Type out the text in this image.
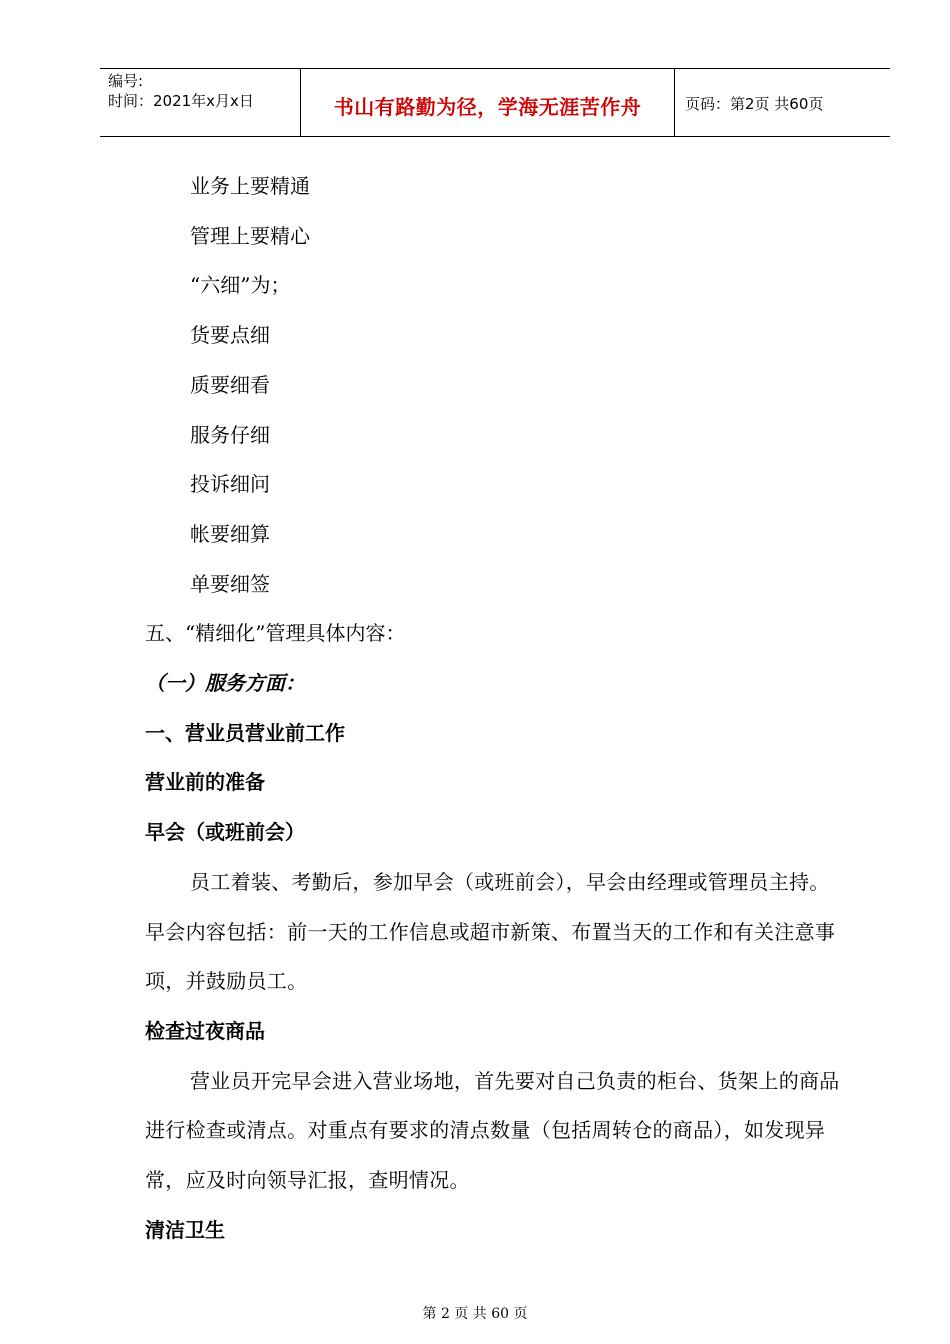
编号:
时间：2021年x月x日	书山有路勤为径，学海无涯苦作舟	页码：第2页 共60页
业务上要精通
管理上要精心
“六细”为；
货要点细
质要细看
服务仔细
投诉细问
帐要细算
单要细签
五、“精细化”管理具体内容：
（一）服务方面：
一、营业员营业前工作
营业前的准备
早会（或班前会）
员工着装、考勤后，参加早会（或班前会），早会由经理或管理员主持。早会内容包括：前一天的工作信息或超市新策、布置当天的工作和有关注意事项，并鼓励员工。
检查过夜商品
营业员开完早会进入营业场地，首先要对自己负责的柜台、货架上的商品进行检查或清点。对重点有要求的清点数量（包括周转仓的商品），如发现异常，应及时向领导汇报，查明情况。
清洁卫生
第 2 页 共 60 页
